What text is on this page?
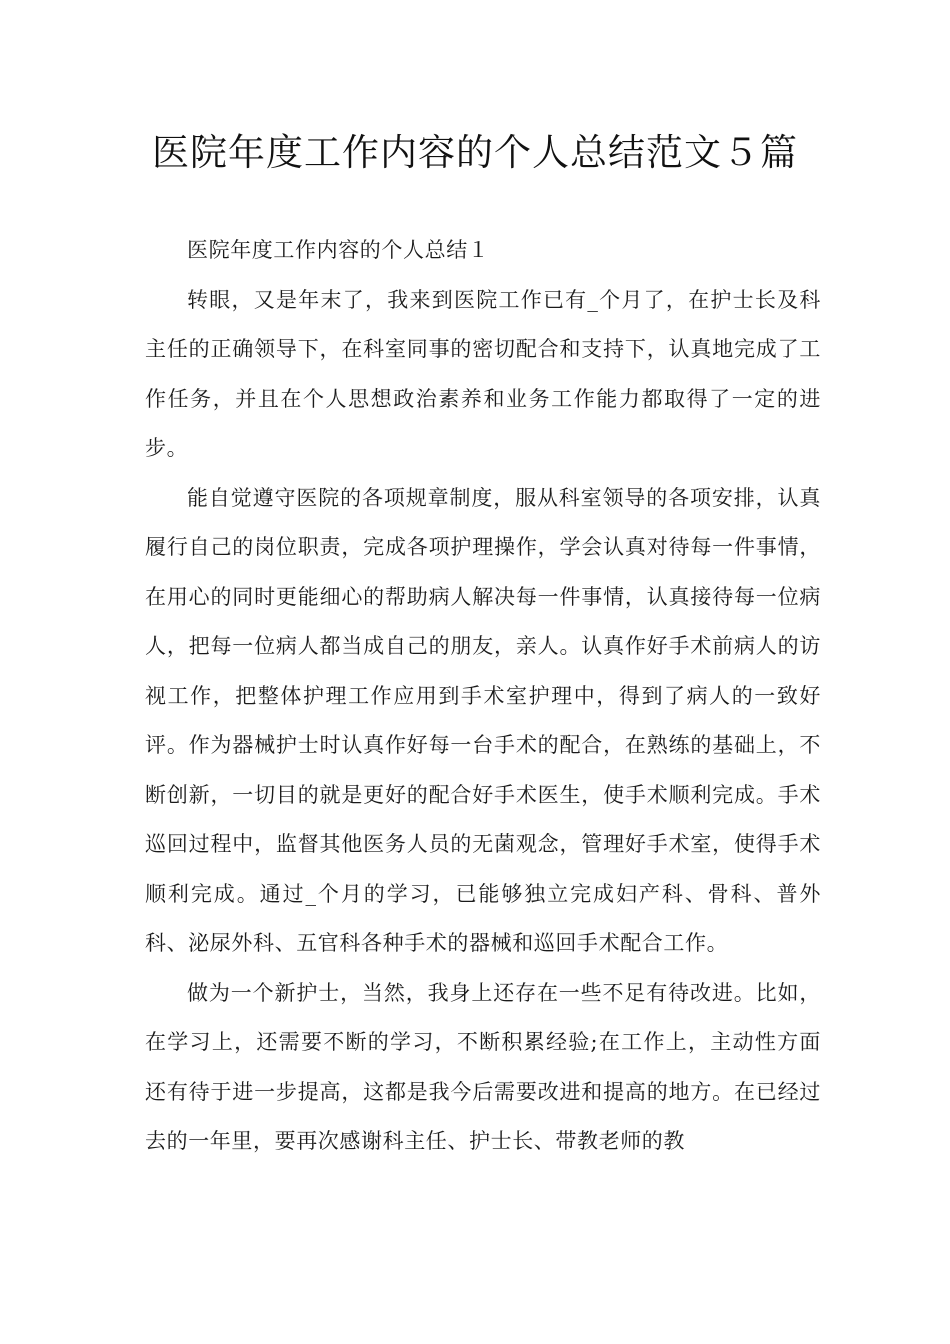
医院年度工作内容的个人总结范文５篇

医院年度工作内容的个人总结１

转眼，又是年末了，我来到医院工作已有_个月了，在护士长及科主任的正确领导下，在科室同事的密切配合和支持下，认真地完成了工作任务，并且在个人思想政治素养和业务工作能力都取得了一定的进步。

能自觉遵守医院的各项规章制度，服从科室领导的各项安排，认真履行自己的岗位职责，完成各项护理操作，学会认真对待每一件事情，在用心的同时更能细心的帮助病人解决每一件事情，认真接待每一位病人，把每一位病人都当成自己的朋友，亲人。认真作好手术前病人的访视工作，把整体护理工作应用到手术室护理中，得到了病人的一致好评。作为器械护士时认真作好每一台手术的配合，在熟练的基础上，不断创新，一切目的就是更好的配合好手术医生，使手术顺利完成。手术巡回过程中，监督其他医务人员的无菌观念，管理好手术室，使得手术顺利完成。通过_个月的学习，已能够独立完成妇产科、骨科、普外科、泌尿外科、五官科各种手术的器械和巡回手术配合工作。

做为一个新护士，当然，我身上还存在一些不足有待改进。比如，在学习上，还需要不断的学习，不断积累经验;在工作上，主动性方面还有待于进一步提高，这都是我今后需要改进和提高的地方。在已经过去的一年里，要再次感谢科主任、护士长、带教老师的教
